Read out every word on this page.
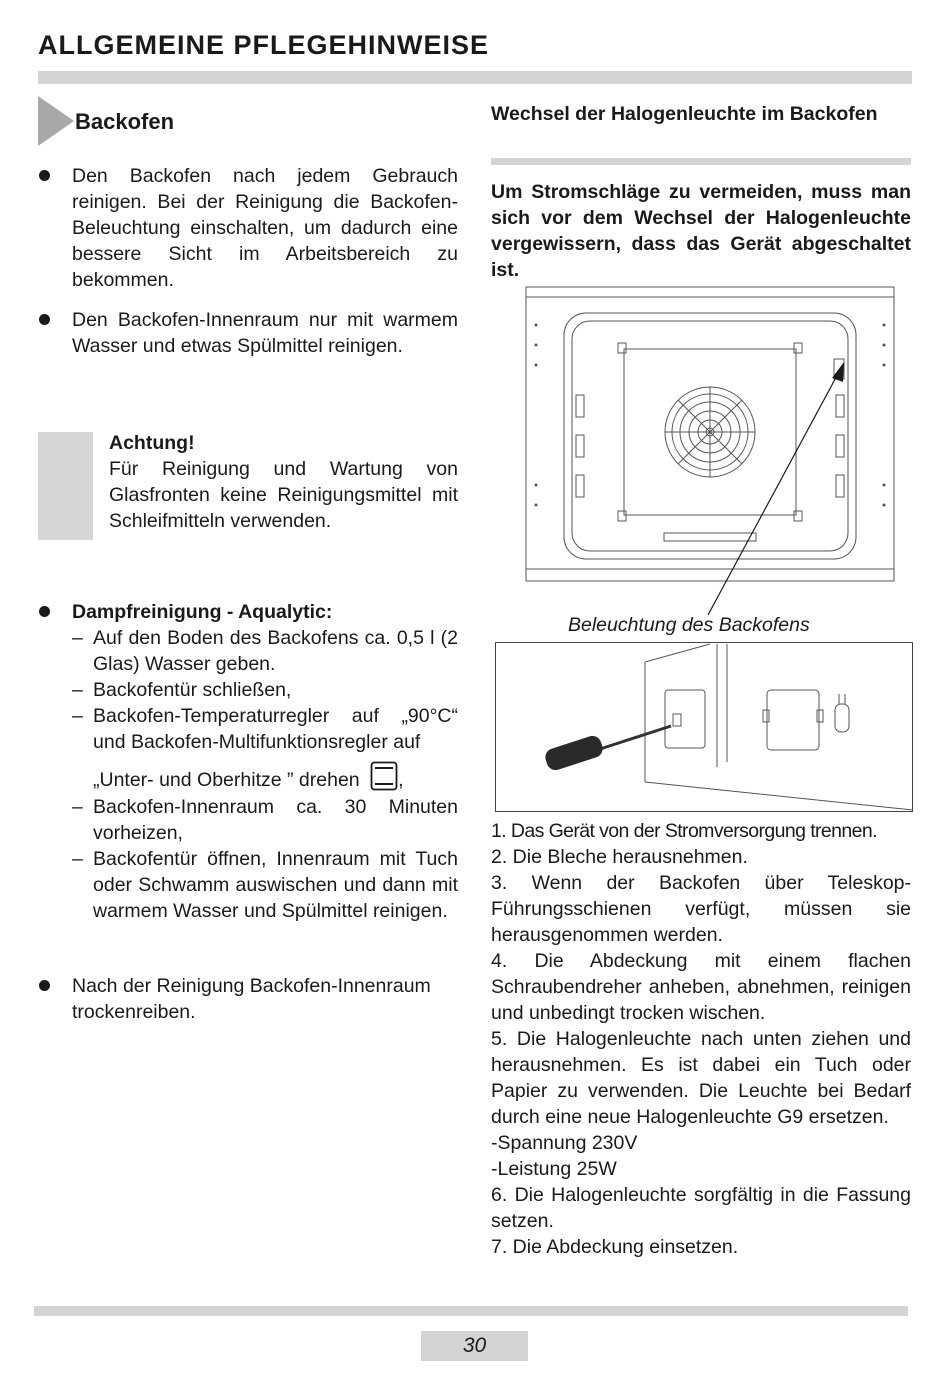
ALLGEMEINE PFLEGEHINWEISE
Backofen
Den Backofen nach jedem Gebrauch reinigen. Bei der Reinigung die Backofen-Beleuchtung einschalten, um dadurch eine bessere Sicht im Arbeitsbereich zu bekommen.
Den Backofen-Innenraum nur mit warmem Wasser und etwas Spülmittel reinigen.
Achtung!
Für Reinigung und Wartung von Glasfronten keine Reinigungsmittel mit Schleifmitteln verwenden.
Dampfreinigung - Aqualytic:
– Auf den Boden des Backofens ca. 0,5 l (2 Glas) Wasser geben.
– Backofentür schließen,
– Backofen-Temperaturregler auf „90°C“ und Backofen-Multifunktionsregler auf
„Unter- und Oberhitze ” drehen ,
– Backofen-Innenraum ca. 30 Minuten vorheizen,
– Backofentür öffnen, Innenraum mit Tuch oder Schwamm auswischen und dann mit warmem Wasser und Spülmittel reinigen.
Nach der Reinigung Backofen-Innenraum trockenreiben.
Wechsel der Halogenleuchte im Backofen
Um Stromschläge zu vermeiden, muss man sich vor dem Wechsel der Halogenleuchte vergewissern, dass das Gerät abgeschaltet ist.
Beleuchtung des Backofens
1. Das Gerät von der Stromversorgung trennen.
2. Die Bleche herausnehmen.
3. Wenn der Backofen über Teleskop-Führungsschienen verfügt, müssen sie herausgenommen werden.
4. Die Abdeckung mit einem flachen Schraubendreher anheben, abnehmen, reinigen und unbedingt trocken wischen.
5. Die Halogenleuchte nach unten ziehen und herausnehmen. Es ist dabei ein Tuch oder Papier zu verwenden. Die Leuchte bei Bedarf durch eine neue Halogenleuchte G9 ersetzen.
-Spannung 230V
-Leistung 25W
6. Die Halogenleuchte sorgfältig in die Fassung setzen.
7. Die Abdeckung einsetzen.
30
